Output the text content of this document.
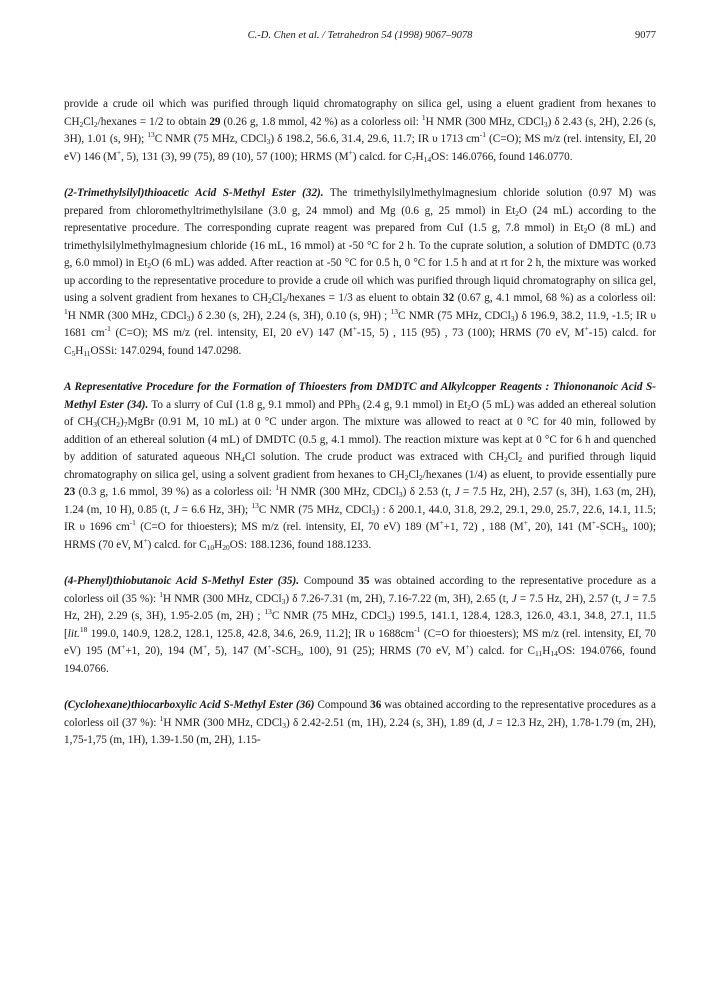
C.-D. Chen et al. / Tetrahedron 54 (1998) 9067–9078	9077

provide a crude oil which was purified through liquid chromatography on silica gel, using a eluent gradient from hexanes to $CH_2Cl_2$/hexanes = 1/2 to obtain 29 (0.26 g, 1.8 mmol, 42 %) as a colorless oil: $^1$H NMR (300 MHz, CDCl$_3$) δ 2.43 (s, 2H), 2.26 (s, 3H), 1.01 (s, 9H); $^{13}$C NMR (75 MHz, CDCl$_3$) δ 198.2, 56.6, 31.4, 29.6, 11.7; IR υ 1713 $cm^{-1}$ (C=O); MS m/z (rel. intensity, EI, 20 eV) 146 (M+, 5), 131 (3), 99 (75), 89 (10), 57 (100); HRMS (M+) calcd. for $C_7H_{14}OS$: 146.0766, found 146.0770.

(2-Trimethylsilyl)thioacetic Acid S-Methyl Ester (32). The trimethylsilylmethylmagnesium chloride solution (0.97 M) was prepared from chloromethyltrimethylsilane (3.0 g, 24 mmol) and Mg (0.6 g, 25 mmol) in $Et_2O$ (24 mL) according to the representative procedure. The corresponding cuprate reagent was prepared from CuI (1.5 g, 7.8 mmol) in $Et_2O$ (8 mL) and trimethylsilylmethylmagnesium chloride (16 mL, 16 mmol) at -50 °C for 2 h. To the cuprate solution, a solution of DMDTC (0.73 g, 6.0 mmol) in $Et_2O$ (6 mL) was added. After reaction at -50 °C for 0.5 h, 0 °C for 1.5 h and at rt for 2 h, the mixture was worked up according to the representative procedure to provide a crude oil which was purified through liquid chromatography on silica gel, using a solvent gradient from hexanes to $CH_2Cl_2$/hexanes = 1/3 as eluent to obtain 32 (0.67 g, 4.1 mmol, 68 %) as a colorless oil: $^1$H NMR (300 MHz, CDCl$_3$) δ 2.30 (s, 2H), 2.24 (s, 3H), 0.10 (s, 9H) ; $^{13}$C NMR (75 MHz, CDCl$_3$) δ 196.9, 38.2, 11.9, -1.5; IR υ 1681 $cm^{-1}$ (C=O); MS m/z (rel. intensity, EI, 20 eV) 147 (M+-15, 5) , 115 (95) , 73 (100); HRMS (70 eV, M+-15) calcd. for $C_5H_{11}OSSi$: 147.0294, found 147.0298.

A Representative Procedure for the Formation of Thioesters from DMDTC and Alkylcopper Reagents : Thiononanoic Acid S-Methyl Ester (34). To a slurry of CuI (1.8 g, 9.1 mmol) and PPh$_3$ (2.4 g, 9.1 mmol) in $Et_2O$ (5 mL) was added an ethereal solution of $CH_3(CH_2)_7MgBr$ (0.91 M, 10 mL) at 0 °C under argon. The mixture was allowed to react at 0 °C for 40 min, followed by addition of an ethereal solution (4 mL) of DMDTC (0.5 g, 4.1 mmol). The reaction mixture was kept at 0 °C for 6 h and quenched by addition of saturated aqueous $NH_4Cl$ solution. The crude product was extraced with $CH_2Cl_2$ and purified through liquid chromatography on silica gel, using a solvent gradient from hexanes to $CH_2Cl_2$/hexanes (1/4) as eluent, to provide essentially pure 23 (0.3 g, 1.6 mmol, 39 %) as a colorless oil: $^1$H NMR (300 MHz, CDCl$_3$) δ 2.53 (t, J = 7.5 Hz, 2H), 2.57 (s, 3H), 1.63 (m, 2H), 1.24 (m, 10 H), 0.85 (t, J = 6.6 Hz, 3H); $^{13}$C NMR (75 MHz, CDCl$_3$) : δ 200.1, 44.0, 31.8, 29.2, 29.1, 29.0, 25.7, 22.6, 14.1, 11.5; IR υ 1696 $cm^{-1}$ (C=O for thioesters); MS m/z (rel. intensity, EI, 70 eV) 189 (M++1, 72) , 188 (M+, 20), 141 ($M^+-SCH_3$, 100); HRMS (70 eV, M+) calcd. for $C_{10}H_{20}OS$: 188.1236, found 188.1233.

(4-Phenyl)thiobutanoic Acid S-Methyl Ester (35). Compound 35 was obtained according to the representative procedure as a colorless oil (35 %): $^1$H NMR (300 MHz, CDCl$_3$) δ 7.26-7.31 (m, 2H), 7.16-7.22 (m, 3H), 2.65 (t, J = 7.5 Hz, 2H), 2.57 (t, J = 7.5 Hz, 2H), 2.29 (s, 3H), 1.95-2.05 (m, 2H) ; $^{13}$C NMR (75 MHz, CDCl$_3$) 199.5, 141.1, 128.4, 128.3, 126.0, 43.1, 34.8, 27.1, 11.5 [lit.$^{18}$ 199.0, 140.9, 128.2, 128.1, 125.8, 42.8, 34.6, 26.9, 11.2]; IR υ $1688cm^{-1}$ (C=O for thioesters); MS m/z (rel. intensity, EI, 70 eV) 195 (M++1, 20), 194 (M+, 5), 147 ($M^+-SCH_3$, 100), 91 (25); HRMS (70 eV, M+) calcd. for $C_{11}H_{14}OS$: 194.0766, found 194.0766.

(Cyclohexane)thiocarboxylic Acid S-Methyl Ester (36) Compound 36 was obtained according to the representative procedures as a colorless oil (37 %): $^1$H NMR (300 MHz, CDCl$_3$) δ 2.42-2.51 (m, 1H), 2.24 (s, 3H), 1.89 (d, J = 12.3 Hz, 2H), 1.78-1.79 (m, 2H), 1,75-1,75 (m, 1H), 1.39-1.50 (m, 2H), 1.15-
